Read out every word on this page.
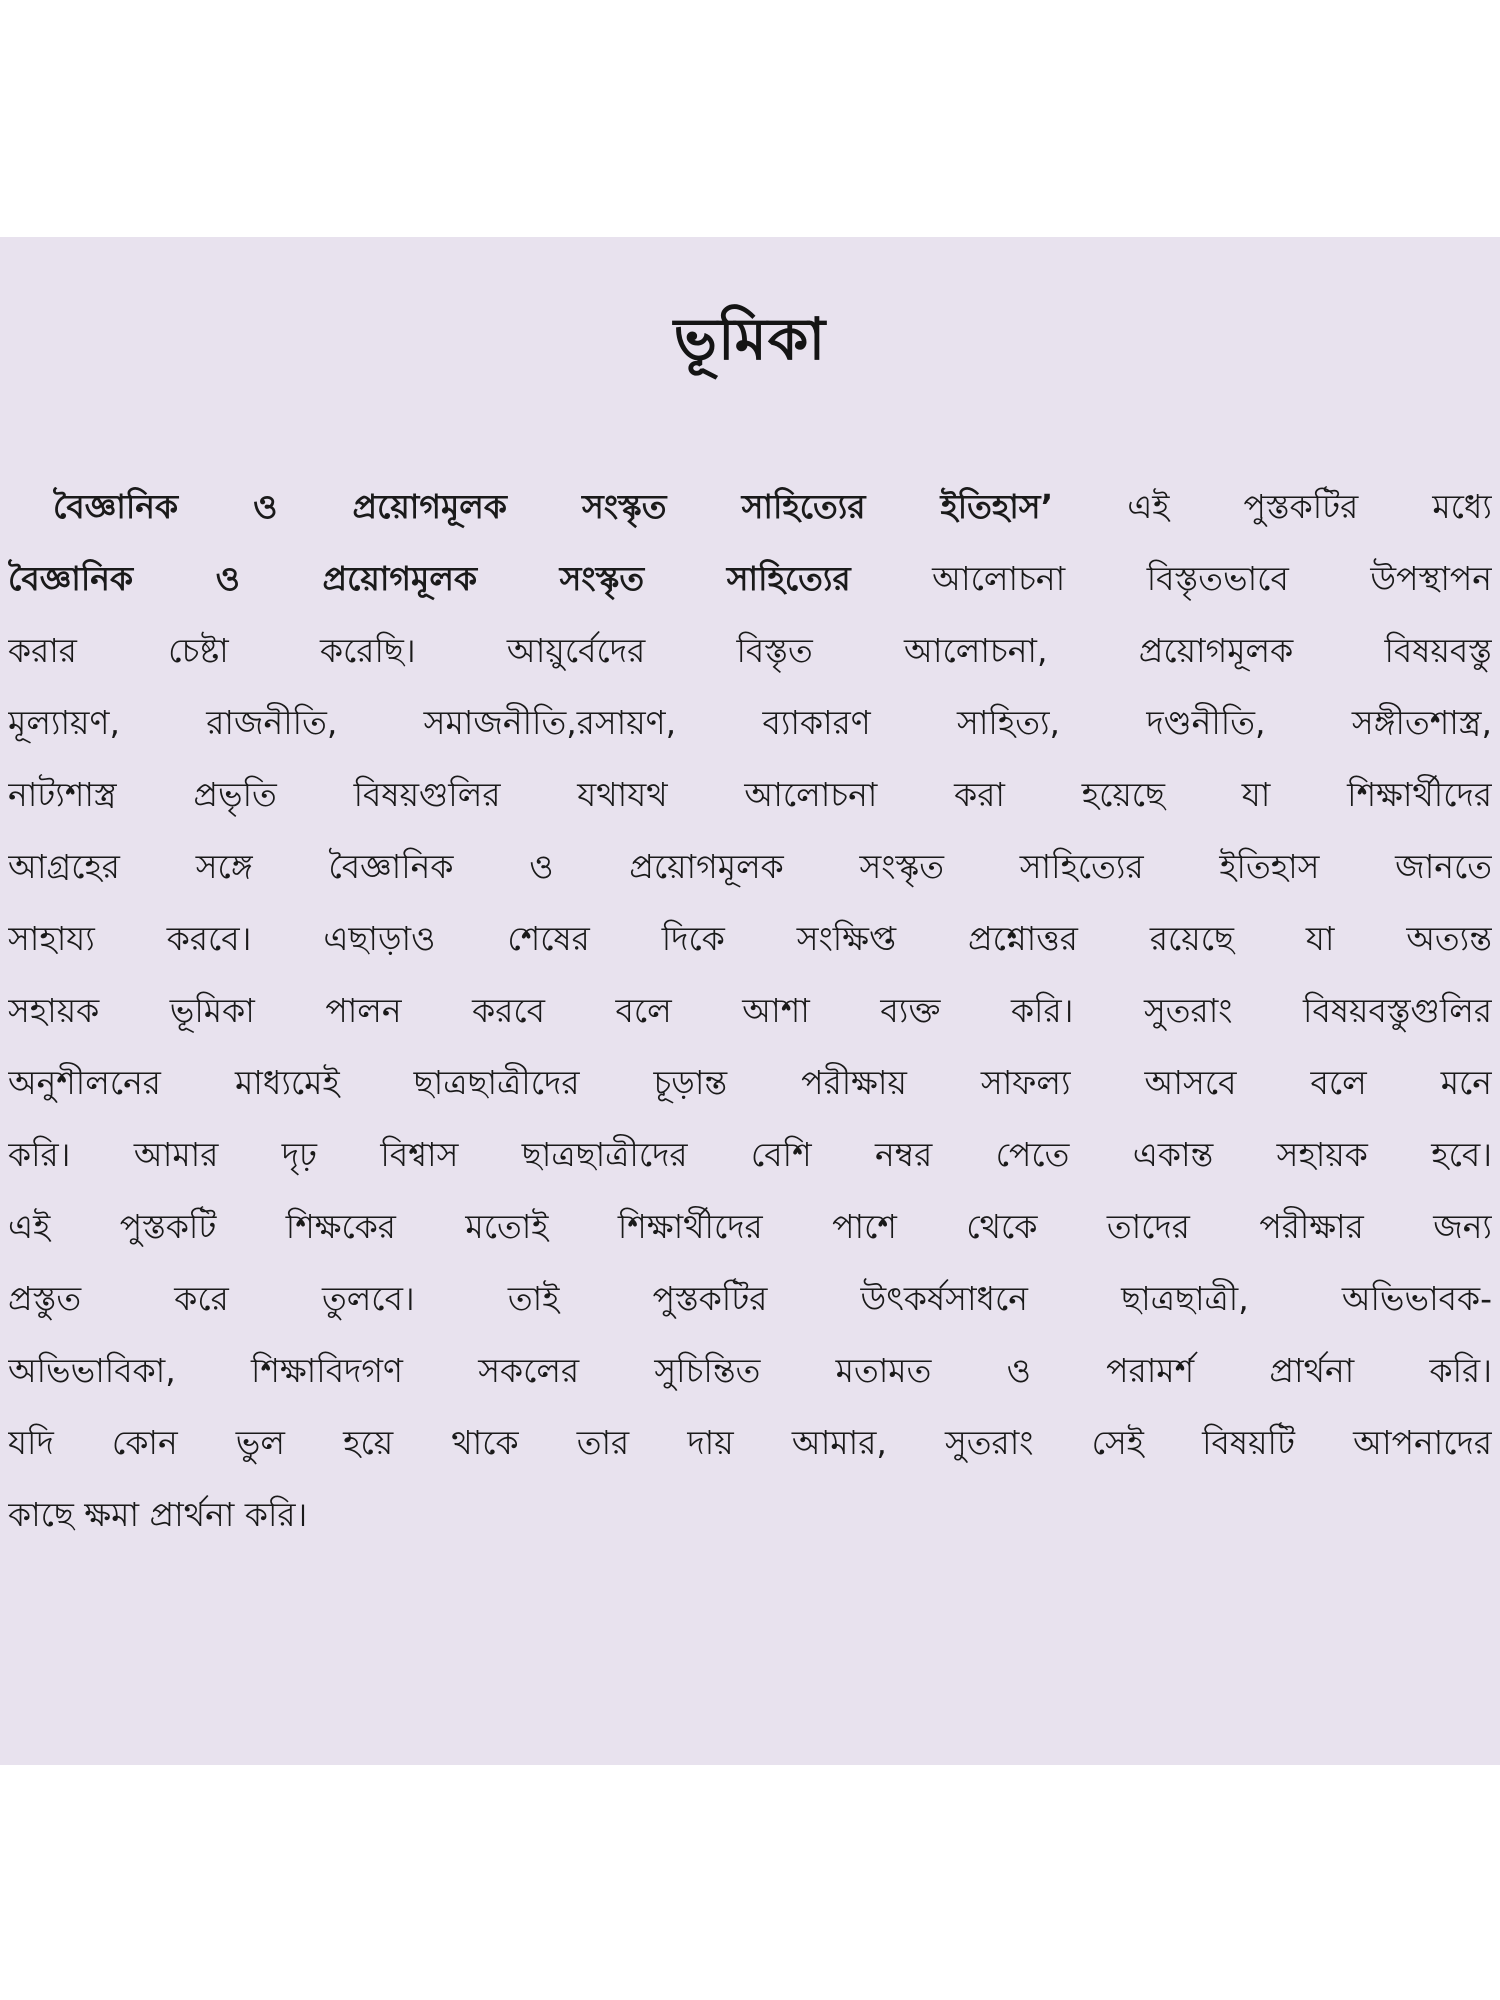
ভূমিকা
বৈজ্ঞানিক ও প্রয়োগমূলক সংস্কৃত সাহিত্যের ইতিহাস’ এই পুস্তকটির মধ্যে
বৈজ্ঞানিক ও প্রয়োগমূলক সংস্কৃত সাহিত্যের আলোচনা বিস্তৃতভাবে উপস্থাপন
করার চেষ্টা করেছি। আয়ুর্বেদের বিস্তৃত আলোচনা, প্রয়োগমূলক বিষয়বস্তু
মূল্যায়ণ, রাজনীতি, সমাজনীতি,রসায়ণ, ব্যাকারণ সাহিত্য, দণ্ডনীতি, সঙ্গীতশাস্ত্র,
নাট্যশাস্ত্র প্রভৃতি বিষয়গুলির যথাযথ আলোচনা করা হয়েছে যা শিক্ষার্থীদের
আগ্রহের সঙ্গে বৈজ্ঞানিক ও প্রয়োগমূলক সংস্কৃত সাহিত্যের ইতিহাস জানতে
সাহায্য করবে। এছাড়াও শেষের দিকে সংক্ষিপ্ত প্রশ্নোত্তর রয়েছে যা অত্যন্ত
সহায়ক ভূমিকা পালন করবে বলে আশা ব্যক্ত করি। সুতরাং বিষয়বস্তুগুলির
অনুশীলনের মাধ্যমেই ছাত্রছাত্রীদের চূড়ান্ত পরীক্ষায় সাফল্য আসবে বলে মনে
করি। আমার দৃঢ় বিশ্বাস ছাত্রছাত্রীদের বেশি নম্বর পেতে একান্ত সহায়ক হবে।
এই পুস্তকটি শিক্ষকের মতোই শিক্ষার্থীদের পাশে থেকে তাদের পরীক্ষার জন্য
প্রস্তুত করে তুলবে। তাই পুস্তকটির উৎকর্ষসাধনে ছাত্রছাত্রী, অভিভাবক-
অভিভাবিকা, শিক্ষাবিদগণ সকলের সুচিন্তিত মতামত ও পরামর্শ প্রার্থনা করি।
যদি কোন ভুল হয়ে থাকে তার দায় আমার, সুতরাং সেই বিষয়টি আপনাদের
কাছে ক্ষমা প্রার্থনা করি।
